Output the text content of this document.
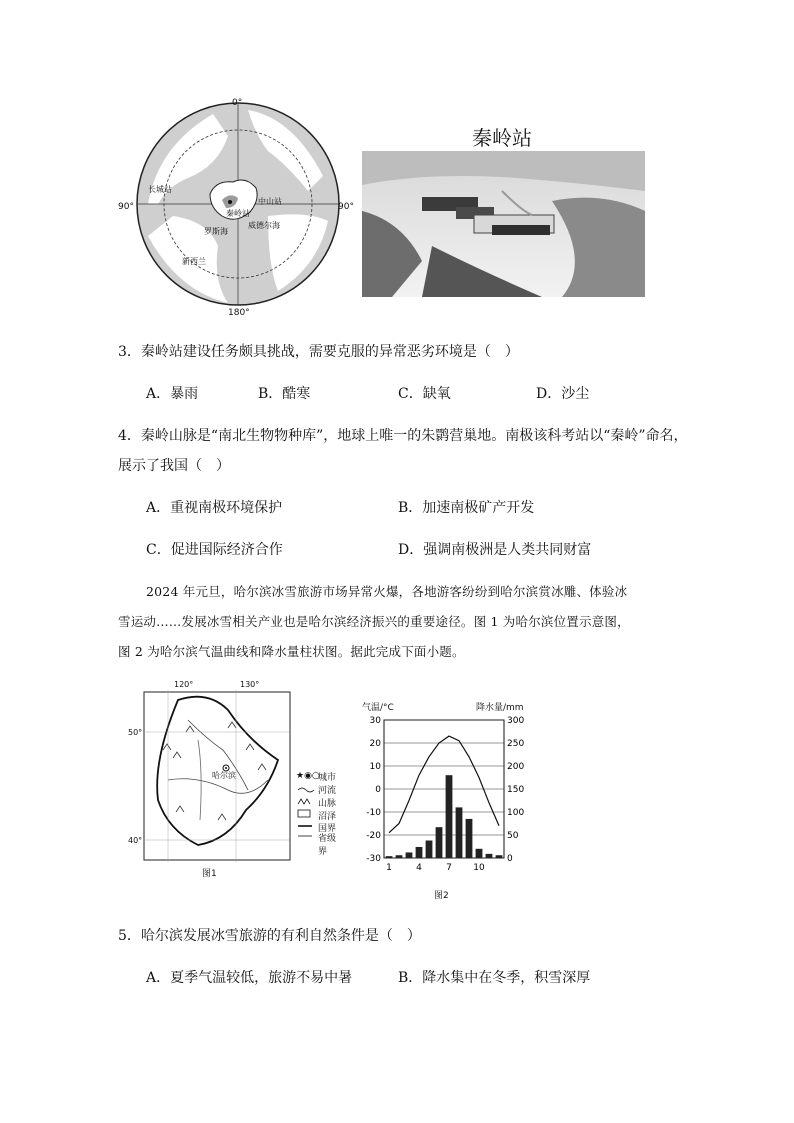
0°
180°
90°	90°
长城站
中山站
秦岭站
罗斯海
威德尔海
新西兰
秦岭站
3．秦岭站建设任务颇具挑战，需要克服的异常恶劣环境是（　）
A．暴雨	B．酷寒	C．缺氧	D．沙尘
4．秦岭山脉是“南北生物物种库”，地球上唯一的朱鹮营巢地。南极该科考站以“秦岭”命名，
展示了我国（　）
A．重视南极环境保护	B．加速南极矿产开发
C．促进国际经济合作	D．强调南极洲是人类共同财富
2024 年元旦，哈尔滨冰雪旅游市场异常火爆，各地游客纷纷到哈尔滨赏冰雕、体验冰
雪运动……发展冰雪相关产业也是哈尔滨经济振兴的重要途径。图 1 为哈尔滨位置示意图，
图 2 为哈尔滨气温曲线和降水量柱状图。据此完成下面小题。
★◉○
120°	130°
50°
40°
哈尔滨	城市
河流
山脉
沼泽
国界
省级界
图1
气温/°C	降水量/mm
30
20
10
0
-10
-20
-30
300
250
200
150
100
50
0
1	4	7 10
图2
5．哈尔滨发展冰雪旅游的有利自然条件是（　）
A．夏季气温较低，旅游不易中暑	B．降水集中在冬季，积雪深厚
